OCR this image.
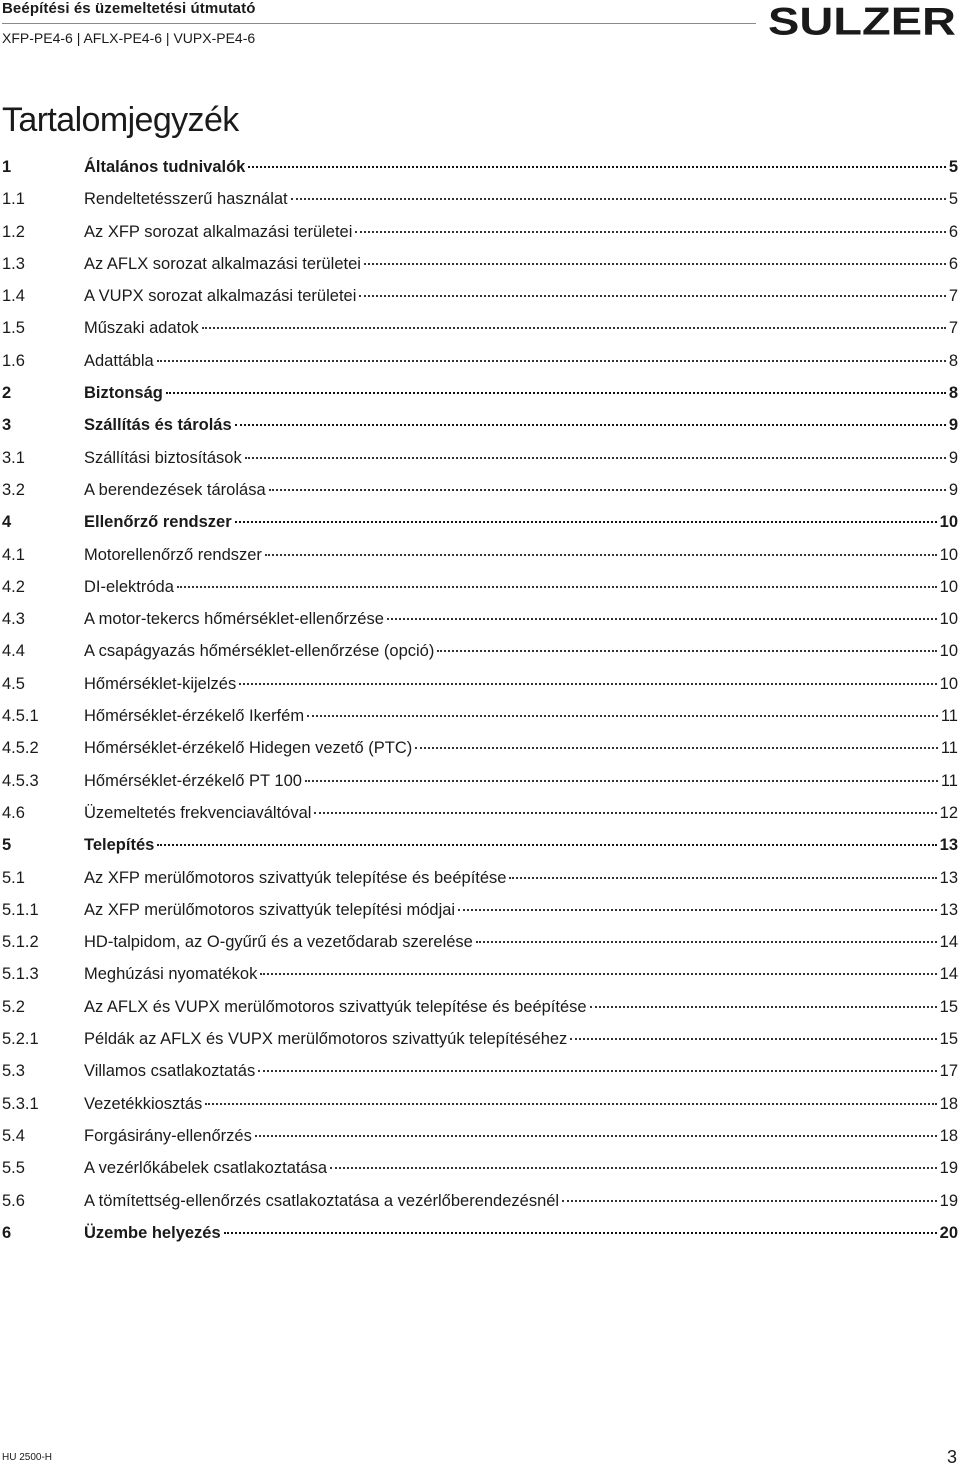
Beépítési és üzemeltetési útmutató
XFP-PE4-6 | AFLX-PE4-6 | VUPX-PE4-6	SULZER
Tartalomjegyzék
1	Általános tudnivalók	5
1.1	Rendeltetésszerű használat	5
1.2	Az XFP sorozat alkalmazási területei	6
1.3	Az AFLX sorozat alkalmazási területei	6
1.4	A VUPX sorozat alkalmazási területei	7
1.5	Műszaki adatok	7
1.6	Adattábla	8
2	Biztonság	8
3	Szállítás és tárolás	9
3.1	Szállítási biztosítások	9
3.2	A berendezések tárolása	9
4	Ellenőrző rendszer	10
4.1	Motorellenőrző rendszer	10
4.2	DI-elektróda	10
4.3	A motor-tekercs hőmérséklet-ellenőrzése	10
4.4	A csapágyazás hőmérséklet-ellenőrzése (opció)	10
4.5	Hőmérséklet-kijelzés	10
4.5.1	Hőmérséklet-érzékelő Ikerfém	11
4.5.2	Hőmérséklet-érzékelő Hidegen vezető (PTC)	11
4.5.3	Hőmérséklet-érzékelő PT 100	11
4.6	Üzemeltetés frekvenciaváltóval	12
5	Telepítés	13
5.1	Az XFP merülőmotoros szivattyúk telepítése és beépítése	13
5.1.1	Az XFP merülőmotoros szivattyúk telepítési módjai	13
5.1.2	HD-talpidom, az O-gyűrű és a vezetődarab szerelése	14
5.1.3	Meghúzási nyomatékok	14
5.2	Az AFLX és VUPX merülőmotoros szivattyúk telepítése és beépítése	15
5.2.1	Példák az AFLX és VUPX merülőmotoros szivattyúk telepítéséhez	15
5.3	Villamos csatlakoztatás	17
5.3.1	Vezetékkiosztás	18
5.4	Forgásirány-ellenőrzés	18
5.5	A vezérlőkábelek csatlakoztatása	19
5.6	A tömítettség-ellenőrzés csatlakoztatása a vezérlőberendezésnél	19
6	Üzembe helyezés	20
HU 2500-H	3
